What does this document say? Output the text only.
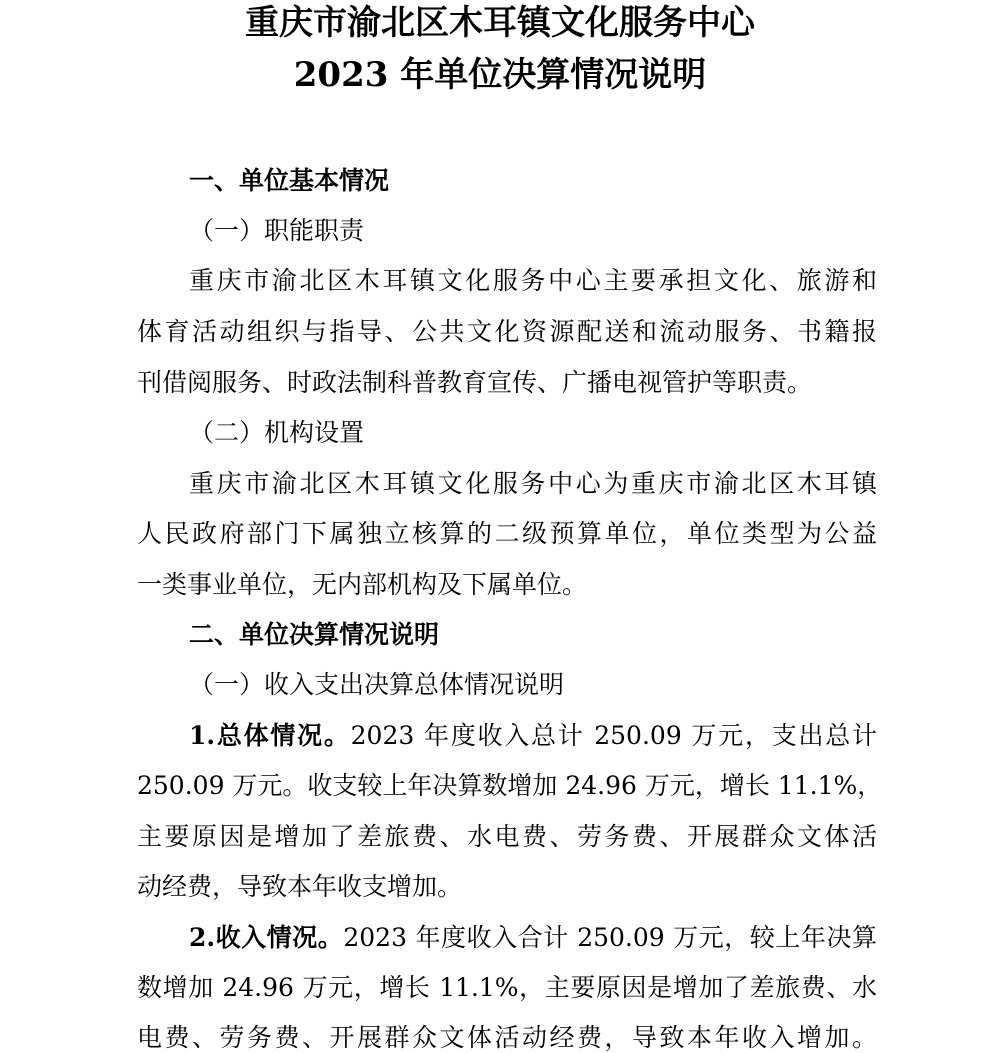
重庆市渝北区木耳镇文化服务中心
2023 年单位决算情况说明
一、单位基本情况
（一）职能职责
重庆市渝北区木耳镇文化服务中心主要承担文化、旅游和
体育活动组织与指导、公共文化资源配送和流动服务、书籍报
刊借阅服务、时政法制科普教育宣传、广播电视管护等职责。
（二）机构设置
重庆市渝北区木耳镇文化服务中心为重庆市渝北区木耳镇
人民政府部门下属独立核算的二级预算单位，单位类型为公益
一类事业单位，无内部机构及下属单位。
二、单位决算情况说明
（一）收入支出决算总体情况说明
1.总体情况。2023 年度收入总计 250.09 万元，支出总计
250.09 万元。收支较上年决算数增加 24.96 万元，增长 11.1%，
主要原因是增加了差旅费、水电费、劳务费、开展群众文体活
动经费，导致本年收支增加。
2.收入情况。2023 年度收入合计 250.09 万元，较上年决算
数增加 24.96 万元，增长 11.1%，主要原因是增加了差旅费、水
电费、劳务费、开展群众文体活动经费，导致本年收入增加。
